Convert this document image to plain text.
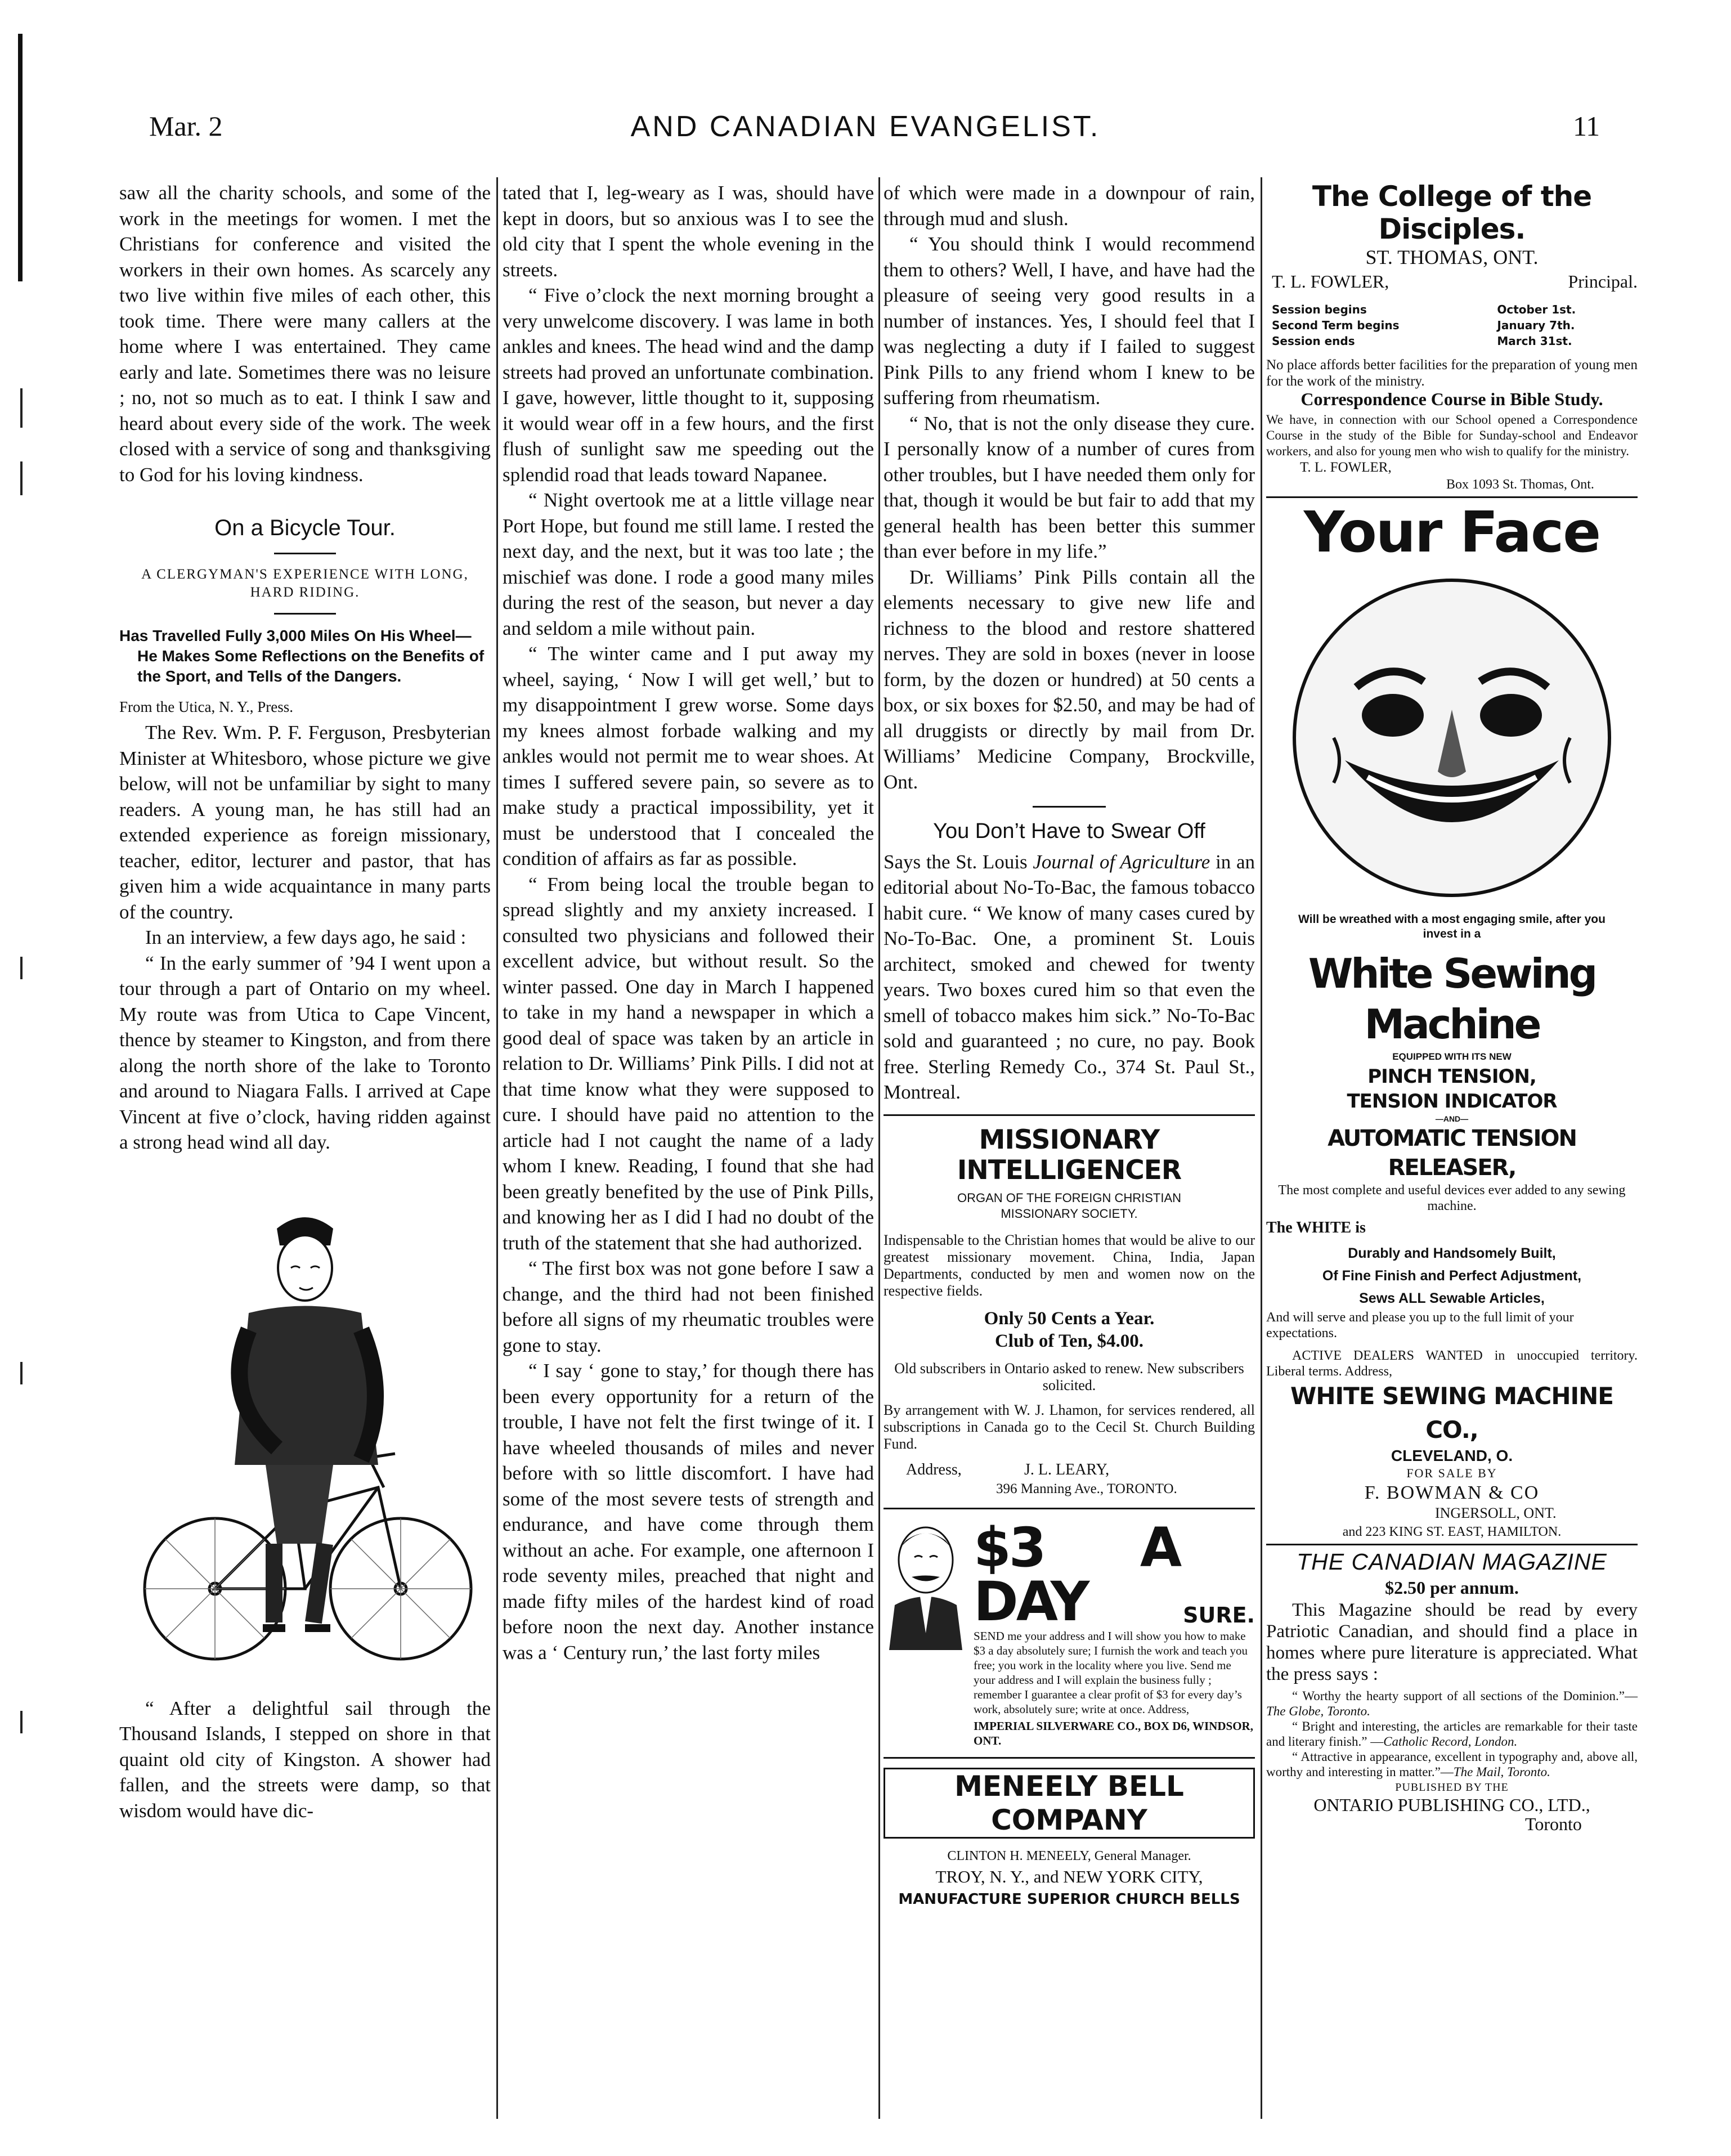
Mar. 2	AND CANADIAN EVANGELIST.	11

saw all the charity schools, and some of the work in the meetings for women. I met the Christians for conference and visited the workers in their own homes. As scarcely any two live within five miles of each other, this took time. There were many callers at the home where I was entertained. They came early and late. Sometimes there was no leisure ; no, not so much as to eat. I think I saw and heard about every side of the work. The week closed with a service of song and thanksgiving to God for his loving kindness.

On a Bicycle Tour.
A CLERGYMAN'S EXPERIENCE WITH LONG, HARD RIDING.

Has Travelled Fully 3,000 Miles On His Wheel—He Makes Some Reflections on the Benefits of the Sport, and Tells of the Dangers.

From the Utica, N. Y., Press.

The Rev. Wm. P. F. Ferguson, Presbyterian Minister at Whitesboro, whose picture we give below, will not be unfamiliar by sight to many readers. A young man, he has still had an extended experience as foreign missionary, teacher, editor, lecturer and pastor, that has given him a wide acquaintance in many parts of the country.

In an interview, a few days ago, he said :

“ In the early summer of ’94 I went upon a tour through a part of Ontario on my wheel. My route was from Utica to Cape Vincent, thence by steamer to Kingston, and from there along the north shore of the lake to Toronto and around to Niagara Falls. I arrived at Cape Vincent at five o’clock, having ridden against a strong head wind all day.

“ After a delightful sail through the Thousand Islands, I stepped on shore in that quaint old city of Kingston. A shower had fallen, and the streets were damp, so that wisdom would have dic-

tated that I, leg-weary as I was, should have kept in doors, but so anxious was I to see the old city that I spent the whole evening in the streets.

“ Five o’clock the next morning brought a very unwelcome discovery. I was lame in both ankles and knees. The head wind and the damp streets had proved an unfortunate combination. I gave, however, little thought to it, supposing it would wear off in a few hours, and the first flush of sunlight saw me speeding out the splendid road that leads toward Napanee.

“ Night overtook me at a little village near Port Hope, but found me still lame. I rested the next day, and the next, but it was too late ; the mischief was done. I rode a good many miles during the rest of the season, but never a day and seldom a mile without pain.

“ The winter came and I put away my wheel, saying, ‘ Now I will get well,’ but to my disappointment I grew worse. Some days my knees almost forbade walking and my ankles would not permit me to wear shoes. At times I suffered severe pain, so severe as to make study a practical impossibility, yet it must be understood that I concealed the condition of affairs as far as possible.

“ From being local the trouble began to spread slightly and my anxiety increased. I consulted two physicians and followed their excellent advice, but without result. So the winter passed. One day in March I happened to take in my hand a newspaper in which a good deal of space was taken by an article in relation to Dr. Williams’ Pink Pills. I did not at that time know what they were supposed to cure. I should have paid no attention to the article had I not caught the name of a lady whom I knew. Reading, I found that she had been greatly benefited by the use of Pink Pills, and knowing her as I did I had no doubt of the truth of the statement that she had authorized.

“ The first box was not gone before I saw a change, and the third had not been finished before all signs of my rheumatic troubles were gone to stay.

“ I say ‘ gone to stay,’ for though there has been every opportunity for a return of the trouble, I have not felt the first twinge of it. I have wheeled thousands of miles and never before with so little discomfort. I have had some of the most severe tests of strength and endurance, and have come through them without an ache. For example, one afternoon I rode seventy miles, preached that night and made fifty miles of the hardest kind of road before noon the next day. Another instance was a ‘ Century run,’ the last forty miles

of which were made in a downpour of rain, through mud and slush.

“ You should think I would recommend them to others? Well, I have, and have had the pleasure of seeing very good results in a number of instances. Yes, I should feel that I was neglecting a duty if I failed to suggest Pink Pills to any friend whom I knew to be suffering from rheumatism.

“ No, that is not the only disease they cure. I personally know of a number of cures from other troubles, but I have needed them only for that, though it would be but fair to add that my general health has been better this summer than ever before in my life.”

Dr. Williams’ Pink Pills contain all the elements necessary to give new life and richness to the blood and restore shattered nerves. They are sold in boxes (never in loose form, by the dozen or hundred) at 50 cents a box, or six boxes for $2.50, and may be had of all druggists or directly by mail from Dr. Williams’ Medicine Company, Brockville, Ont.

You Don’t Have to Swear Off

Says the St. Louis Journal of Agriculture in an editorial about No-To-Bac, the famous tobacco habit cure. “ We know of many cases cured by No-To-Bac. One, a prominent St. Louis architect, smoked and chewed for twenty years. Two boxes cured him so that even the smell of tobacco makes him sick.” No-To-Bac sold and guaranteed ; no cure, no pay. Book free. Sterling Remedy Co., 374 St. Paul St., Montreal.

MISSIONARY INTELLIGENCER
ORGAN OF THE FOREIGN CHRISTIAN MISSIONARY SOCIETY.

Indispensable to the Christian homes that would be alive to our greatest missionary movement. China, India, Japan Departments, conducted by men and women now on the respective fields.

Only 50 Cents a Year.
Club of Ten, $4.00.

Old subscribers in Ontario asked to renew. New subscribers solicited.

By arrangement with W. J. Lhamon, for services rendered, all subscriptions in Canada go to the Cecil St. Church Building Fund.

Address,	J. L. LEARY,
396 Manning Ave., TORONTO.
$3 A DAY	SURE.
SEND me your address and I will show you how to make $3 a day absolutely sure; I furnish the work and teach you free; you work in the locality where you live. Send me your address and I will explain the business fully ; remember I guarantee a clear profit of $3 for every day’s work, absolutely sure; write at once. Address,
IMPERIAL SILVERWARE CO., BOX D6, WINDSOR, ONT.
MENEELY BELL COMPANY
CLINTON H. MENEELY, General Manager.
TROY, N. Y., and NEW YORK CITY,
MANUFACTURE SUPERIOR CHURCH BELLS
The College of the Disciples.
ST. THOMAS, ONT.
T. L. FOWLER,	Principal.
Session begins	October 1st.
Second Term begins	January 7th.
Session ends	March 31st.

No place affords better facilities for the preparation of young men for the work of the ministry.

Correspondence Course in Bible Study.

We have, in connection with our School opened a Correspondence Course in the study of the Bible for Sunday-school and Endeavor workers, and also for young men who wish to qualify for the ministry.

T. L. FOWLER,
Box 1093 St. Thomas, Ont.
Your Face
Will be wreathed with a most engaging smile, after you invest in a
White Sewing Machine
EQUIPPED WITH ITS NEW
PINCH TENSION,
TENSION INDICATOR
—AND—
AUTOMATIC TENSION RELEASER,
The most complete and useful devices ever added to any sewing machine.
The WHITE is
Durably and Handsomely Built,
Of Fine Finish and Perfect Adjustment,
Sews ALL Sewable Articles,

And will serve and please you up to the full limit of your expectations.

ACTIVE DEALERS WANTED in unoccupied territory. Liberal terms. Address,

WHITE SEWING MACHINE CO.,
CLEVELAND, O.
FOR SALE BY
F. BOWMAN & CO
INGERSOLL, ONT.
and 223 KING ST. EAST, HAMILTON.
THE CANADIAN MAGAZINE
$2.50 per annum.

This Magazine should be read by every Patriotic Canadian, and should find a place in homes where pure literature is appreciated. What the press says :

“ Worthy the hearty support of all sections of the Dominion.”—The Globe, Toronto.

“ Bright and interesting, the articles are remarkable for their taste and literary finish.” —Catholic Record, London.

“ Attractive in appearance, excellent in typography and, above all, worthy and interesting in matter.”—The Mail, Toronto.

PUBLISHED BY THE
ONTARIO PUBLISHING CO., LTD.,
Toronto
